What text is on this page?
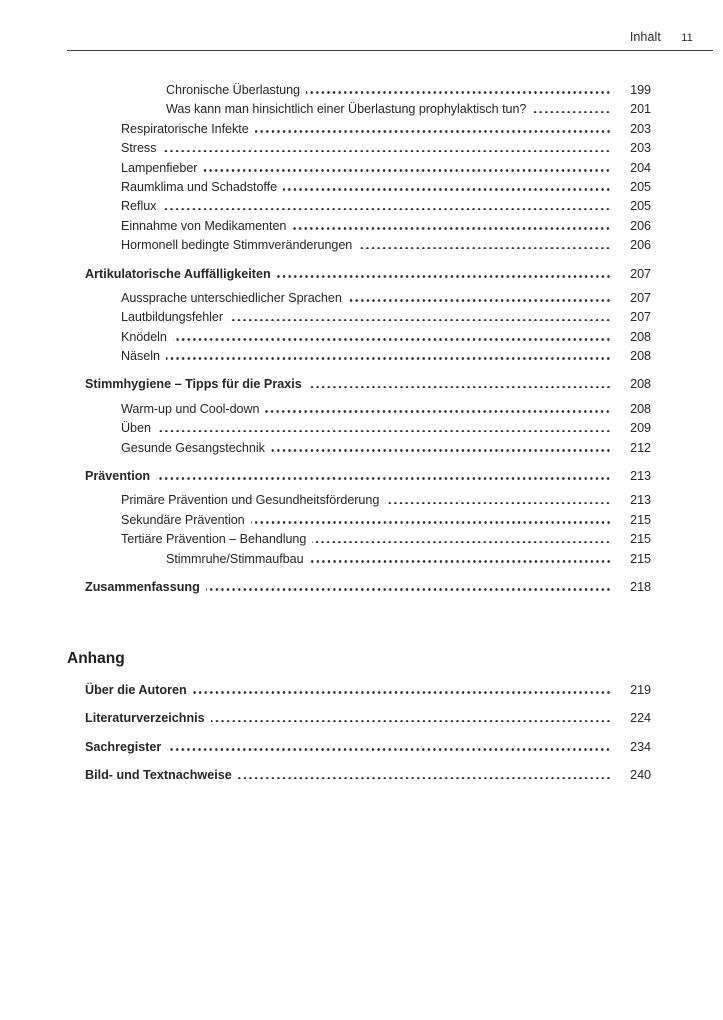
Inhalt	11
Chronische Überlastung	199
Was kann man hinsichtlich einer Überlastung prophylaktisch tun?	201
Respiratorische Infekte	203
Stress	203
Lampenfieber	204
Raumklima und Schadstoffe	205
Reflux	205
Einnahme von Medikamenten	206
Hormonell bedingte Stimmveränderungen	206
Artikulatorische Auffälligkeiten	207
Aussprache unterschiedlicher Sprachen	207
Lautbildungsfehler	207
Knödeln	208
Näseln	208
Stimmhygiene – Tipps für die Praxis	208
Warm-up und Cool-down	208
Üben	209
Gesunde Gesangstechnik	212
Prävention	213
Primäre Prävention und Gesundheitsförderung	213
Sekundäre Prävention	215
Tertiäre Prävention – Behandlung	215
Stimmruhe/Stimmaufbau	215
Zusammenfassung	218
Anhang
Über die Autoren	219
Literaturverzeichnis	224
Sachregister	234
Bild- und Textnachweise	240
